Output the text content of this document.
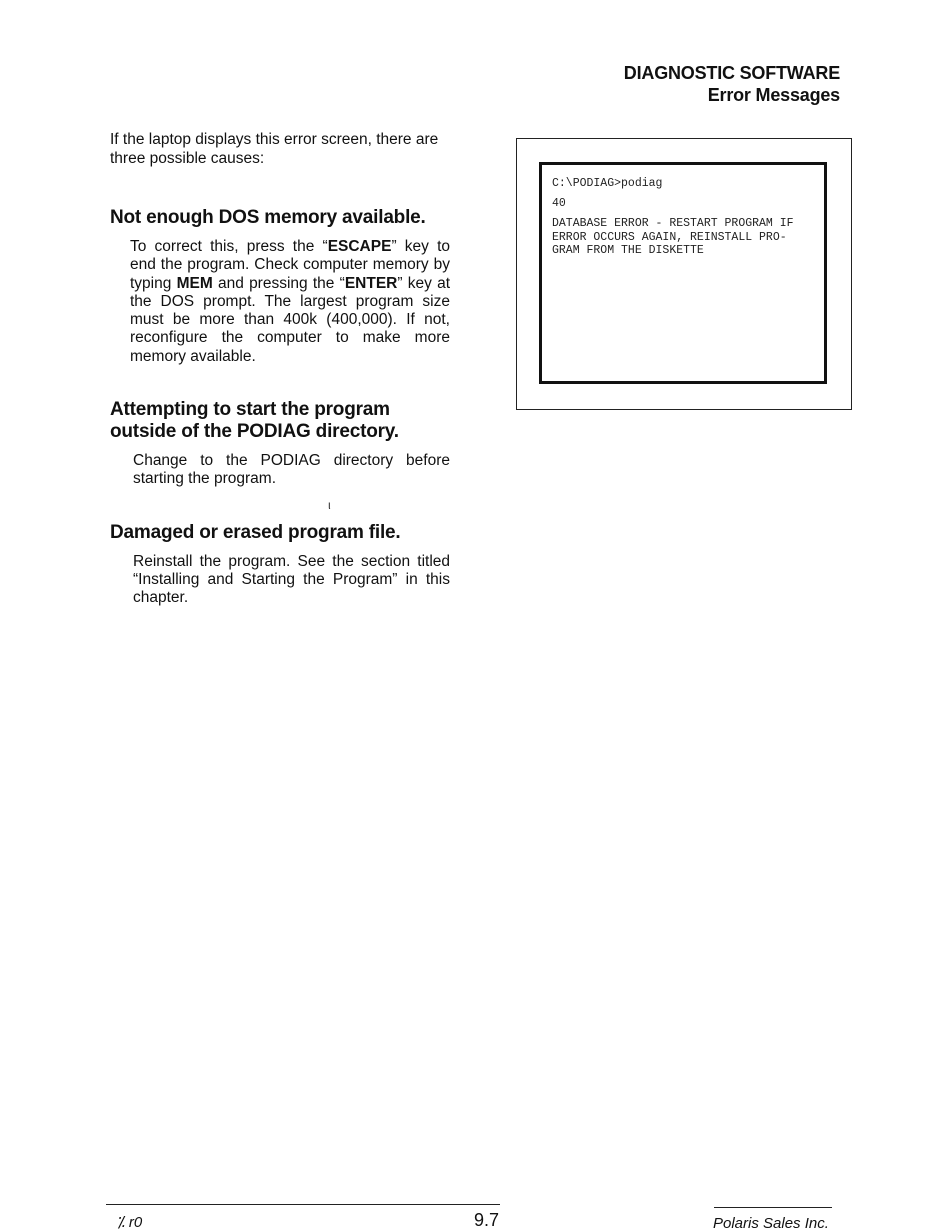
DIAGNOSTIC SOFTWARE
Error Messages

If the laptop displays this error screen, there are three possible causes:

Not enough DOS memory available.

To correct this, press the “ESCAPE” key to end the program. Check computer memory by typing MEM and pressing the “ENTER” key at the DOS prompt. The largest program size must be more than 400k (400,000). If not, reconfigure the computer to make more memory available.

Attempting to start the program outside of the PODIAG directory.

Change to the PODIAG directory before starting the program.

Damaged or erased program file.

Reinstall the program. See the section titled “Installing and Starting the Program” in this chapter.

C:\PODIAG>podiag
40
DATABASE ERROR - RESTART PROGRAM IF
ERROR OCCURS AGAIN, REINSTALL PRO-
GRAM FROM THE DISKETTE
ι
⁒ r0	9.7	Polaris Sales Inc.
